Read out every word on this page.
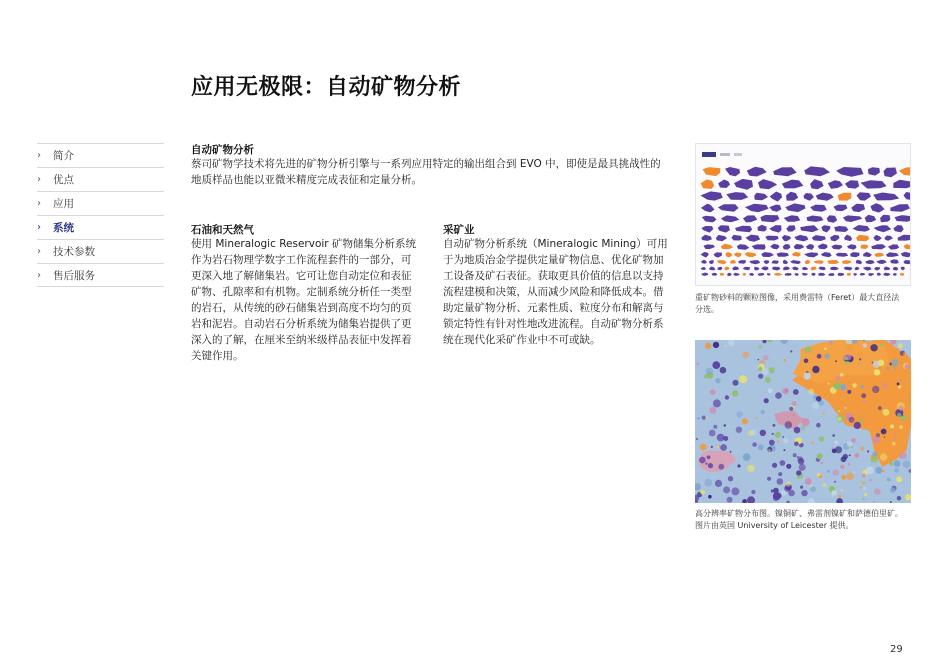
应用无极限：自动矿物分析
›	简介
›	优点
›	应用
›	系统
›	技术参数
›	售后服务
自动矿物分析
蔡司矿物学技术将先进的矿物分析引擎与一系列应用特定的输出组合到 EVO 中，即使是最具挑战性的
地质样品也能以亚微米精度完成表征和定量分析。
石油和天然气
使用 Mineralogic Reservoir 矿物储集分析系统
作为岩石物理学数字工作流程套件的一部分，可
更深入地了解储集岩。它可让您自动定位和表征
矿物、孔隙率和有机物。定制系统分析任一类型
的岩石，从传统的砂石储集岩到高度不均匀的页
岩和泥岩。自动岩石分析系统为储集岩提供了更
深入的了解，在厘米至纳米级样品表征中发挥着
关键作用。
采矿业
自动矿物分析系统（Mineralogic Mining）可用
于为地质冶金学提供定量矿物信息、优化矿物加
工设备及矿石表征。获取更具价值的信息以支持
流程建模和决策，从而减少风险和降低成本。借
助定量矿物分析、元素性质、粒度分布和解离与
锁定特性有针对性地改进流程。自动矿物分析系
统在现代化采矿作业中不可或缺。
重矿物砂料的颗粒图像，采用费雷特（Feret）最大直径法
分选。
高分辨率矿物分布图。镍铜矿、弗雷剂镍矿和萨德伯里矿。
图片由英国 University of Leicester 提供。
29
